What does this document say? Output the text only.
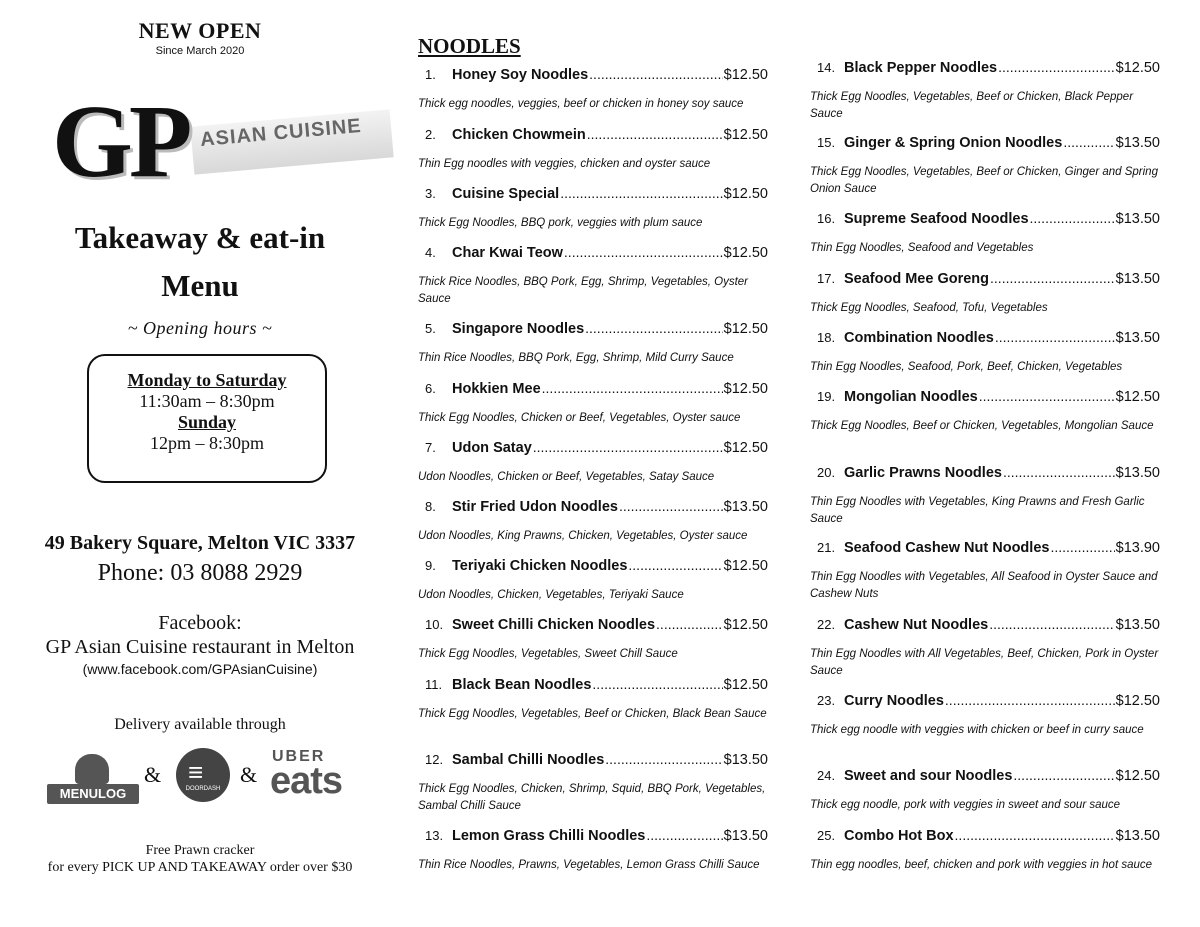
NEW OPEN
Since March 2020
GP ASIAN CUISINE
Takeaway & eat-in
Menu
~ Opening hours ~
Monday to Saturday
11:30am – 8:30pm
Sunday
12pm – 8:30pm
49 Bakery Square, Melton VIC 3337
Phone: 03 8088 2929
Facebook:
GP Asian Cuisine restaurant in Melton
(www.facebook.com/GPAsianCuisine)
Delivery available through
MENULOG
& ≡
DOORDASH
&
UBER
eats
Free Prawn cracker
for every PICK UP AND TAKEAWAY order over $30
NOODLES
1.	Honey Soy Noodles .....	$12.50
Thick egg noodles, veggies, beef or chicken in honey soy sauce
2.	Chicken Chowmein .....	$12.50
Thin Egg noodles with veggies, chicken and oyster sauce
3.	Cuisine Special .....	$12.50
Thick Egg Noodles, BBQ pork, veggies with plum sauce
4.	Char Kwai Teow .....	$12.50
Thick Rice Noodles, BBQ Pork, Egg, Shrimp, Vegetables, Oyster Sauce
5.	Singapore Noodles .....	$12.50
Thin Rice Noodles, BBQ Pork, Egg, Shrimp, Mild Curry Sauce
6.	Hokkien Mee .....	$12.50
Thick Egg Noodles, Chicken or Beef, Vegetables, Oyster sauce
7.	Udon Satay .....	$12.50
Udon Noodles, Chicken or Beef, Vegetables, Satay Sauce
8.	Stir Fried Udon Noodles .....	$13.50
Udon Noodles, King Prawns, Chicken, Vegetables, Oyster sauce
9.	Teriyaki Chicken Noodles .....	$12.50
Udon Noodles, Chicken, Vegetables, Teriyaki Sauce
10. Sweet Chilli Chicken Noodles .....	$12.50
Thick Egg Noodles, Vegetables, Sweet Chill Sauce
11. Black Bean Noodles .....	$12.50
Thick Egg Noodles, Vegetables, Beef or Chicken, Black Bean Sauce
12. Sambal Chilli Noodles .....	$13.50
Thick Egg Noodles, Chicken, Shrimp, Squid, BBQ Pork, Vegetables, Sambal Chilli Sauce
13. Lemon Grass Chilli Noodles .....	$13.50
Thin Rice Noodles, Prawns, Vegetables, Lemon Grass Chilli Sauce
14. Black Pepper Noodles .....	$12.50
Thick Egg Noodles, Vegetables, Beef or Chicken, Black Pepper Sauce
15. Ginger & Spring Onion Noodles .....	$13.50
Thick Egg Noodles, Vegetables, Beef or Chicken, Ginger and Spring Onion Sauce
16. Supreme Seafood Noodles .....	$13.50
Thin Egg Noodles, Seafood and Vegetables
17. Seafood Mee Goreng .....	$13.50
Thick Egg Noodles, Seafood, Tofu, Vegetables
18. Combination Noodles .....	$13.50
Thin Egg Noodles, Seafood, Pork, Beef, Chicken, Vegetables
19. Mongolian Noodles .....	$12.50
Thick Egg Noodles, Beef or Chicken, Vegetables, Mongolian Sauce
20. Garlic Prawns Noodles .....	$13.50
Thin Egg Noodles with Vegetables, King Prawns and Fresh Garlic Sauce
21. Seafood Cashew Nut Noodles .....	$13.90
Thin Egg Noodles with Vegetables, All Seafood in Oyster Sauce and Cashew Nuts
22. Cashew Nut Noodles .....	$13.50
Thin Egg Noodles with All Vegetables, Beef, Chicken, Pork in Oyster Sauce
23. Curry Noodles .....	$12.50
Thick egg noodle with veggies with chicken or beef in curry sauce
24. Sweet and sour Noodles .....	$12.50
Thick egg noodle, pork with veggies in sweet and sour sauce
25. Combo Hot Box .....	$13.50
Thin egg noodles, beef, chicken and pork with veggies in hot sauce
